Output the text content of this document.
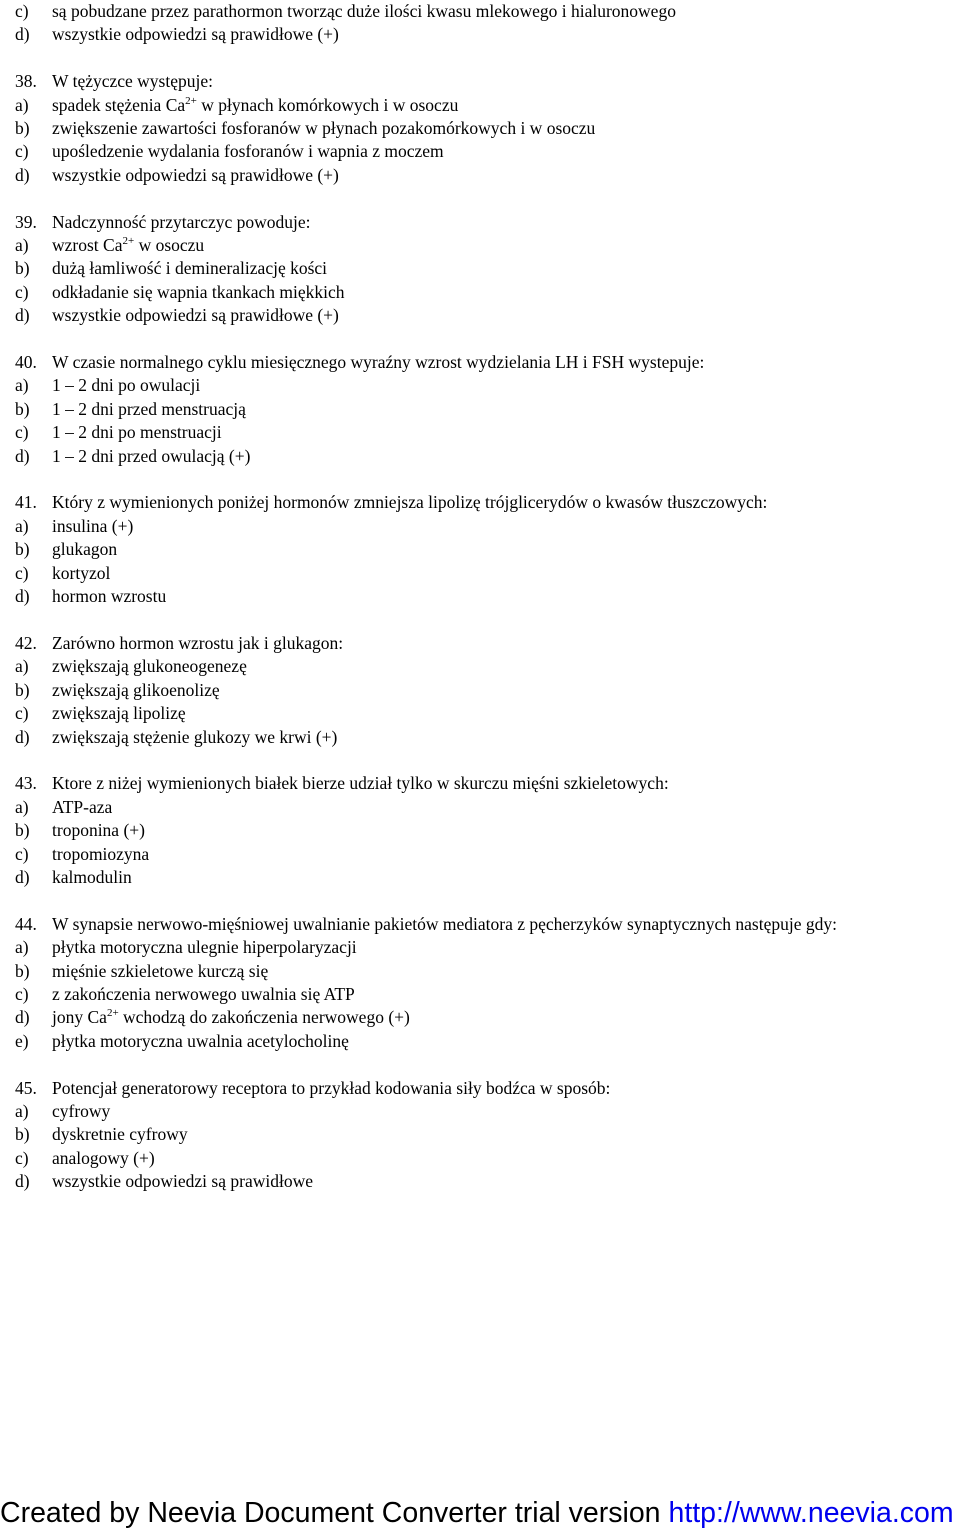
c)	są pobudzane przez parathormon tworząc duże ilości kwasu mlekowego i hialuronowego
d)	wszystkie odpowiedzi są prawidłowe (+)
38. W tężyczce występuje:
a)	spadek stężenia $Ca^{2+}$ w płynach komórkowych i w osoczu
b)	zwiększenie zawartości fosforanów w płynach pozakomórkowych i w osoczu
c)	upośledzenie wydalania fosforanów i wapnia z moczem
d)	wszystkie odpowiedzi są prawidłowe (+)
39. Nadczynność przytarczyc powoduje:
a)	wzrost $Ca^{2+}$ w osoczu
b)	dużą łamliwość i demineralizację kości
c)	odkładanie się wapnia tkankach miękkich
d)	wszystkie odpowiedzi są prawidłowe (+)
40. W czasie normalnego cyklu miesięcznego wyraźny wzrost wydzielania LH i FSH wystepuje:
a)	1 – 2 dni po owulacji
b)	1 – 2 dni przed menstruacją
c)	1 – 2 dni po menstruacji
d)	1 – 2 dni przed owulacją (+)
41. Który z wymienionych poniżej hormonów zmniejsza lipolizę trójglicerydów o kwasów tłuszczowych:
a)	insulina (+)
b)	glukagon
c)	kortyzol
d)	hormon wzrostu
42. Zarówno hormon wzrostu jak i glukagon:
a)	zwiększają glukoneogenezę
b)	zwiększają glikoenolizę
c)	zwiększają lipolizę
d)	zwiększają stężenie glukozy we krwi (+)
43. Ktore z niżej wymienionych białek bierze udział tylko w skurczu mięśni szkieletowych:
a)	ATP-aza
b)	troponina (+)
c)	tropomiozyna
d)	kalmodulin
44. W synapsie nerwowo-mięśniowej uwalnianie pakietów mediatora z pęcherzyków synaptycznych następuje gdy:
a)	płytka motoryczna ulegnie hiperpolaryzacji
b)	mięśnie szkieletowe kurczą się
c)	z zakończenia nerwowego uwalnia się ATP
d)	jony $Ca^{2+}$ wchodzą do zakończenia nerwowego (+)
e)	płytka motoryczna uwalnia acetylocholinę
45. Potencjał generatorowy receptora to przykład kodowania siły bodźca w sposób:
a)	cyfrowy
b)	dyskretnie cyfrowy
c)	analogowy (+)
d)	wszystkie odpowiedzi są prawidłowe
Created by Neevia Document Converter trial version http://www.neevia.com
